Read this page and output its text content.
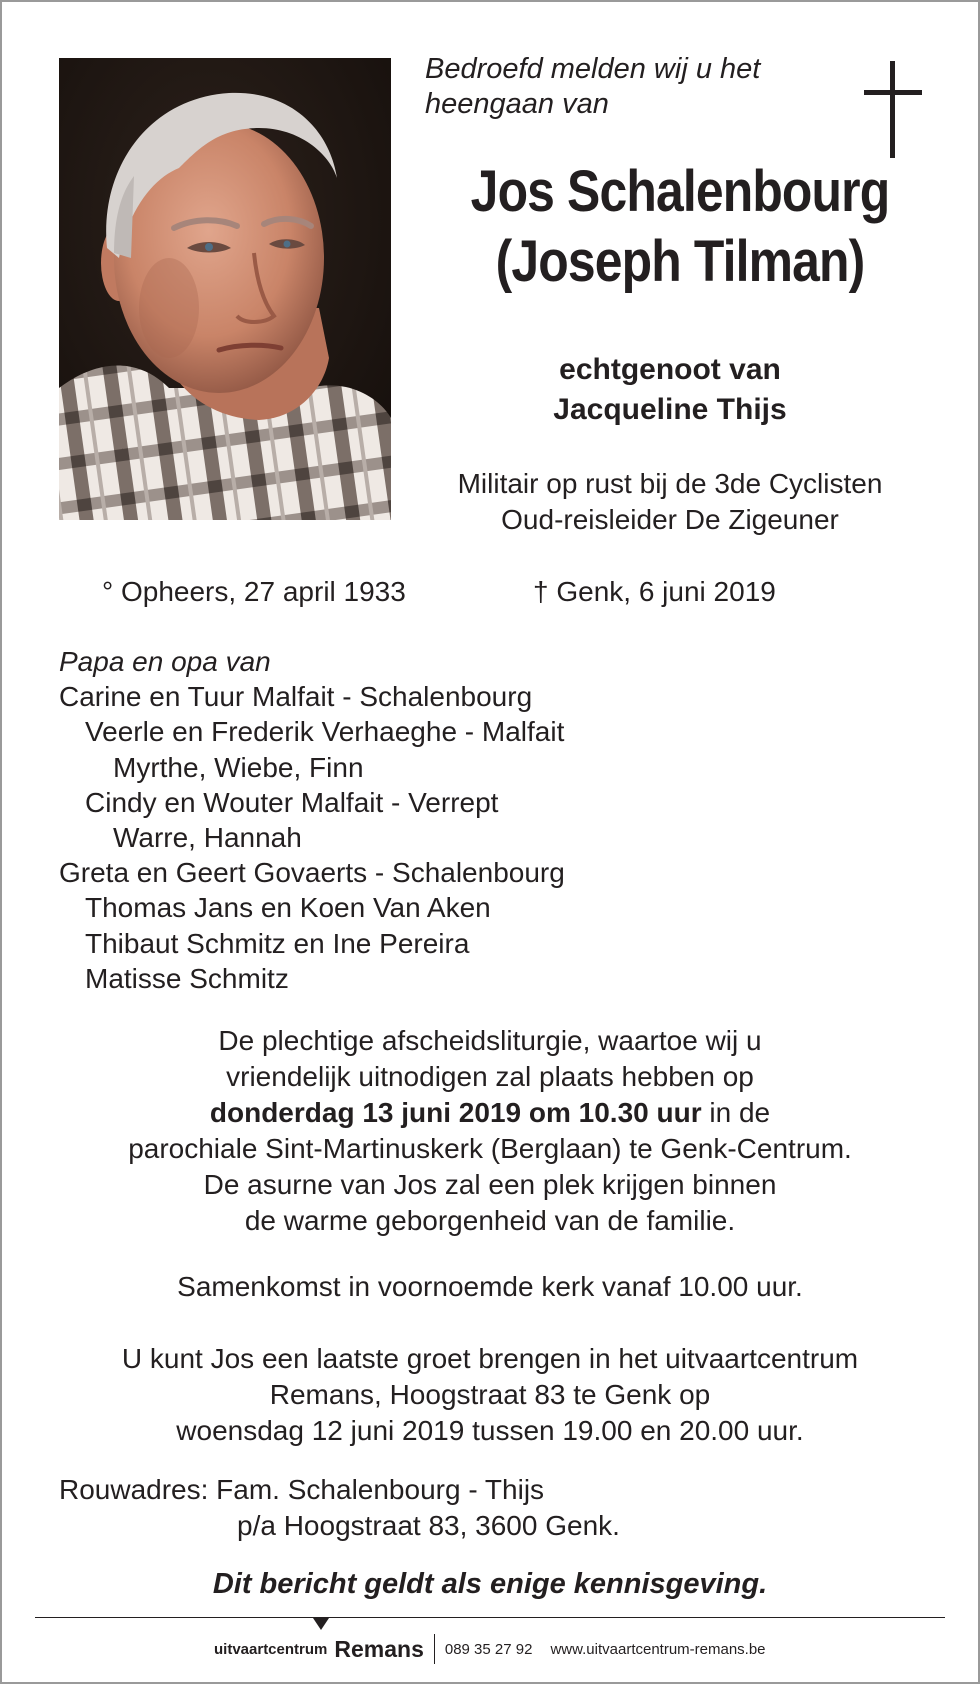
Bedroefd melden wij u het
heengaan van
Jos Schalenbourg
(Joseph Tilman)
echtgenoot van
Jacqueline Thijs
Militair op rust bij de 3de Cyclisten
Oud-reisleider De Zigeuner
° Opheers, 27 april 1933	† Genk, 6 juni 2019
Papa en opa van
Carine en Tuur Malfait - Schalenbourg
Veerle en Frederik Verhaeghe - Malfait
Myrthe, Wiebe, Finn
Cindy en Wouter Malfait - Verrept
Warre, Hannah
Greta en Geert Govaerts - Schalenbourg
Thomas Jans en Koen Van Aken
Thibaut Schmitz en Ine Pereira
Matisse Schmitz
De plechtige afscheidsliturgie, waartoe wij u
vriendelijk uitnodigen zal plaats hebben op
donderdag 13 juni 2019 om 10.30 uur in de
parochiale Sint-Martinuskerk (Berglaan) te Genk-Centrum.
De asurne van Jos zal een plek krijgen binnen
de warme geborgenheid van de familie.
Samenkomst in voornoemde kerk vanaf 10.00 uur.
U kunt Jos een laatste groet brengen in het uitvaartcentrum
Remans, Hoogstraat 83 te Genk op
woensdag 12 juni 2019 tussen 19.00 en 20.00 uur.
Rouwadres: Fam. Schalenbourg - Thijs
p/a Hoogstraat 83, 3600 Genk.
Dit bericht geldt als enige kennisgeving.
uitvaartcentrum Remans 089 35 27 92 www.uitvaartcentrum-remans.be
